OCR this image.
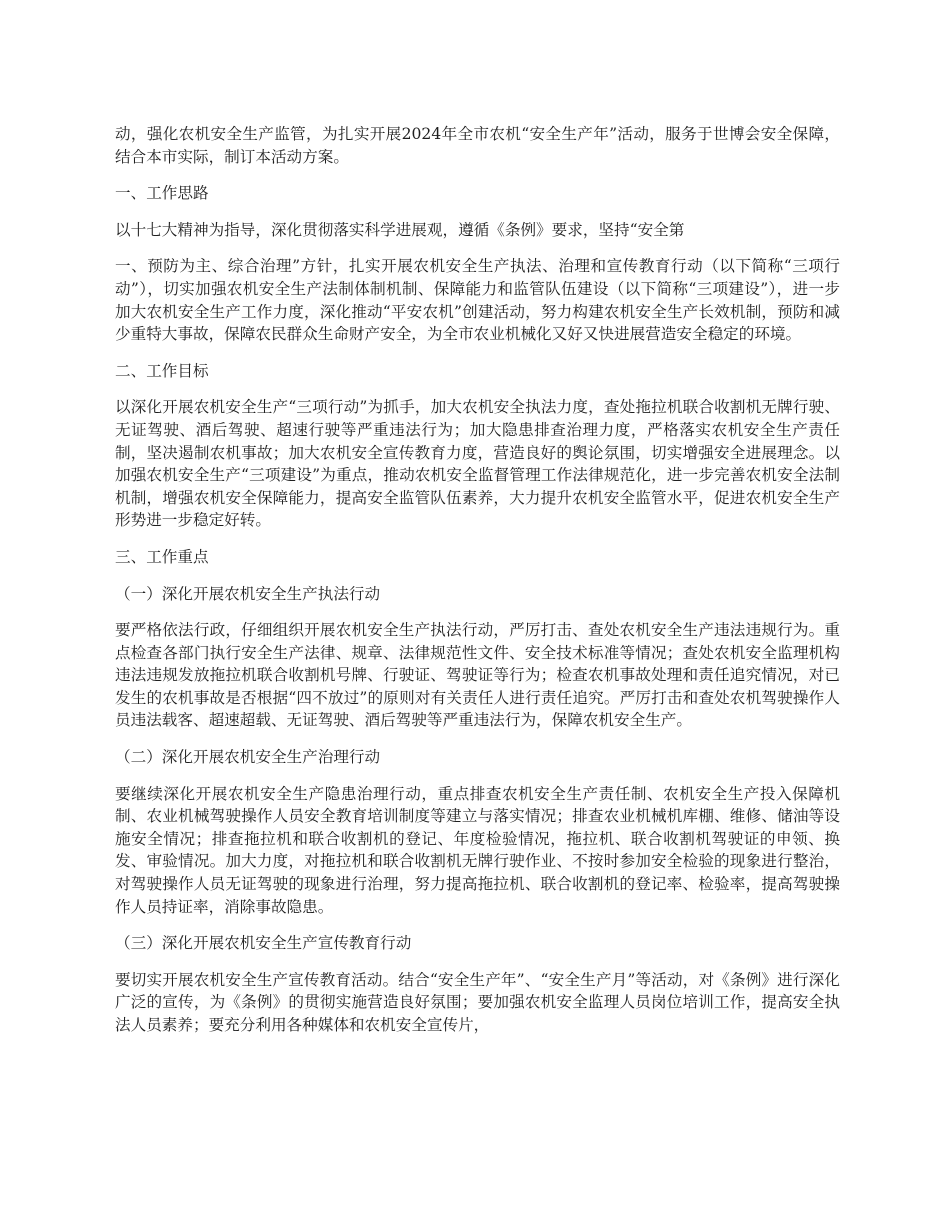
动，强化农机安全生产监管，为扎实开展2024年全市农机“安全生产年”活动，服务于世博会安全保障，结合本市实际，制订本活动方案。

一、工作思路

以十七大精神为指导，深化贯彻落实科学进展观，遵循《条例》要求，坚持“安全第

一、预防为主、综合治理”方针，扎实开展农机安全生产执法、治理和宣传教育行动（以下简称“三项行动”），切实加强农机安全生产法制体制机制、保障能力和监管队伍建设（以下简称“三项建设”），进一步加大农机安全生产工作力度，深化推动“平安农机”创建活动，努力构建农机安全生产长效机制，预防和减少重特大事故，保障农民群众生命财产安全，为全市农业机械化又好又快进展营造安全稳定的环境。

二、工作目标

以深化开展农机安全生产“三项行动”为抓手，加大农机安全执法力度，查处拖拉机联合收割机无牌行驶、无证驾驶、酒后驾驶、超速行驶等严重违法行为；加大隐患排查治理力度，严格落实农机安全生产责任制，坚决遏制农机事故；加大农机安全宣传教育力度，营造良好的舆论氛围，切实增强安全进展理念。以加强农机安全生产“三项建设”为重点，推动农机安全监督管理工作法律规范化，进一步完善农机安全法制机制，增强农机安全保障能力，提高安全监管队伍素养，大力提升农机安全监管水平，促进农机安全生产形势进一步稳定好转。

三、工作重点

（一）深化开展农机安全生产执法行动

要严格依法行政，仔细组织开展农机安全生产执法行动，严厉打击、查处农机安全生产违法违规行为。重点检查各部门执行安全生产法律、规章、法律规范性文件、安全技术标准等情况；查处农机安全监理机构违法违规发放拖拉机联合收割机号牌、行驶证、驾驶证等行为；检查农机事故处理和责任追究情况，对已发生的农机事故是否根据“四不放过”的原则对有关责任人进行责任追究。严厉打击和查处农机驾驶操作人员违法载客、超速超载、无证驾驶、酒后驾驶等严重违法行为，保障农机安全生产。

（二）深化开展农机安全生产治理行动

要继续深化开展农机安全生产隐患治理行动，重点排查农机安全生产责任制、农机安全生产投入保障机制、农业机械驾驶操作人员安全教育培训制度等建立与落实情况；排查农业机械机库棚、维修、储油等设施安全情况；排查拖拉机和联合收割机的登记、年度检验情况，拖拉机、联合收割机驾驶证的申领、换发、审验情况。加大力度，对拖拉机和联合收割机无牌行驶作业、不按时参加安全检验的现象进行整治，对驾驶操作人员无证驾驶的现象进行治理，努力提高拖拉机、联合收割机的登记率、检验率，提高驾驶操作人员持证率，消除事故隐患。

（三）深化开展农机安全生产宣传教育行动

要切实开展农机安全生产宣传教育活动。结合“安全生产年”、“安全生产月”等活动，对《条例》进行深化广泛的宣传，为《条例》的贯彻实施营造良好氛围；要加强农机安全监理人员岗位培训工作，提高安全执法人员素养；要充分利用各种媒体和农机安全宣传片，
